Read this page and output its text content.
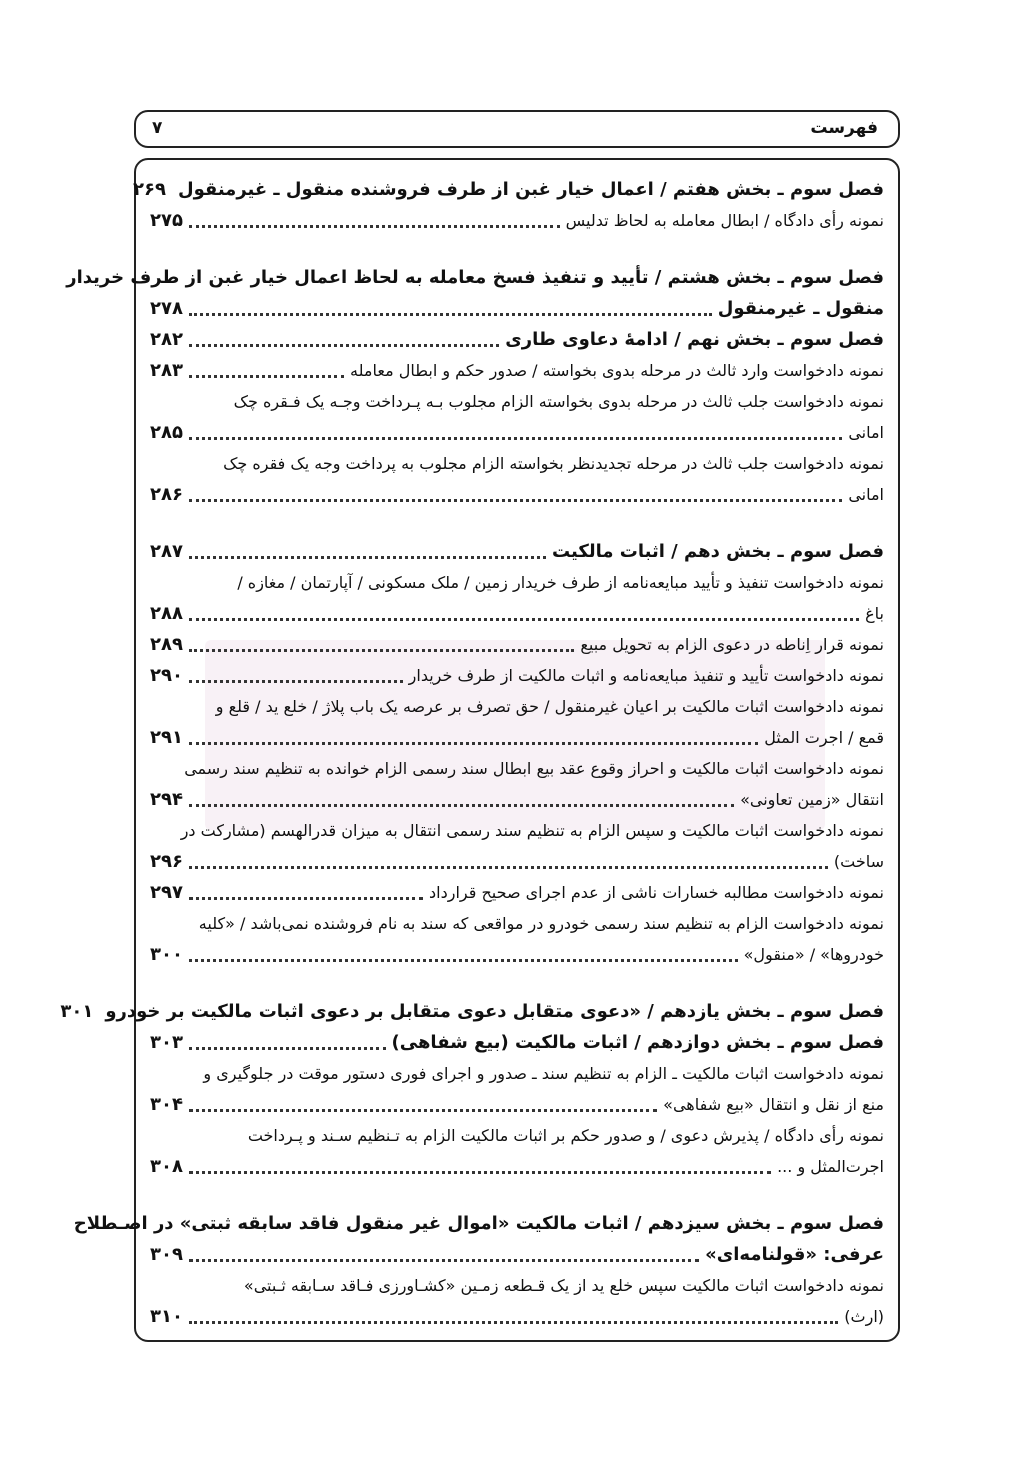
فهرست
۷
فصل سوم ـ بخش هفتم / اعمال خیار غبن از طرف فروشنده منقول ـ غیرمنقول
۲۶۹
نمونه رأی دادگاه / ابطال معامله به لحاظ تدلیس
۲۷۵
فصل سوم ـ بخش هشتم / تأیید و تنفیذ فسخ معامله به لحاظ اعمال خیار غبن از طرف خریدار
منقول ـ غیرمنقول
۲۷۸
فصل سوم ـ بخش نهم / ادامهٔ دعاوی طاری
۲۸۲
نمونه دادخواست وارد ثالث در مرحله بدوی بخواسته / صدور حکم و ابطال معامله
۲۸۳
نمونه دادخواست جلب ثالث در مرحله بدوی بخواسته الزام مجلوب بـه پـرداخت وجـه یک فـقره چک
امانی
۲۸۵
نمونه دادخواست جلب ثالث در مرحله تجدیدنظر بخواسته الزام مجلوب به پرداخت وجه یک فقره چک
امانی
۲۸۶
فصل سوم ـ بخش دهم / اثبات مالکیت
۲۸۷
نمونه دادخواست تنفیذ و تأیید مبایعه‌نامه از طرف خریدار زمین / ملک مسکونی / آپارتمان / مغازه /
باغ
۲۸۸
نمونه قرار اِناطه در دعوی الزام به تحویل مبیع
۲۸۹
نمونه دادخواست تأیید و تنفیذ مبایعه‌نامه و اثبات مالکیت از طرف خریدار
۲۹۰
نمونه دادخواست اثبات مالکیت بر اعیان غیرمنقول / حق تصرف بر عرصه یک باب پلاژ / خلع ید / قلع و
قمع / اجرت المثل
۲۹۱
نمونه دادخواست اثبات مالکیت و احراز وقوع عقد بیع ابطال سند رسمی الزام خوانده به تنظیم سند رسمی
انتقال «زمین تعاونی»
۲۹۴
نمونه دادخواست اثبات مالکیت و سپس الزام به تنظیم سند رسمی انتقال به میزان قدرالهسم (مشارکت در
ساخت)
۲۹۶
نمونه دادخواست مطالبه خسارات ناشی از عدم اجرای صحیح قرارداد
۲۹۷
نمونه دادخواست الزام به تنظیم سند رسمی خودرو در مواقعی که سند به نام فروشنده نمی‌باشد / «کلیه
خودروها» / «منقول»
۳۰۰
فصل سوم ـ بخش یازدهم / «دعوی متقابل دعوی متقابل بر دعوی اثبات مالکیت بر خودرو
۳۰۱
فصل سوم ـ بخش دوازدهم / اثبات مالکیت (بیع شفاهی)
۳۰۳
نمونه دادخواست اثبات مالکیت ـ الزام به تنظیم سند ـ صدور و اجرای فوری دستور موقت در جلوگیری و
منع از نقل و انتقال «بیع شفاهی»
۳۰۴
نمونه رأی دادگاه / پذیرش دعوی / و صدور حکم بر اثبات مالکیت الزام به تـنظیم سـند و پـرداخت
اجرت‌المثل و ...
۳۰۸
فصل سوم ـ بخش سیزدهم / اثبات مالکیت «اموال غیر منقول فاقد سابقه ثبتی» در اصـطلاح
عرفی: «قولنامه‌ای»
۳۰۹
نمونه دادخواست اثبات مالکیت سپس خلع ید از یک قـطعه زمـین «کشـاورزی فـاقد سـابقه ثـبتی»
(ارث)
۳۱۰
